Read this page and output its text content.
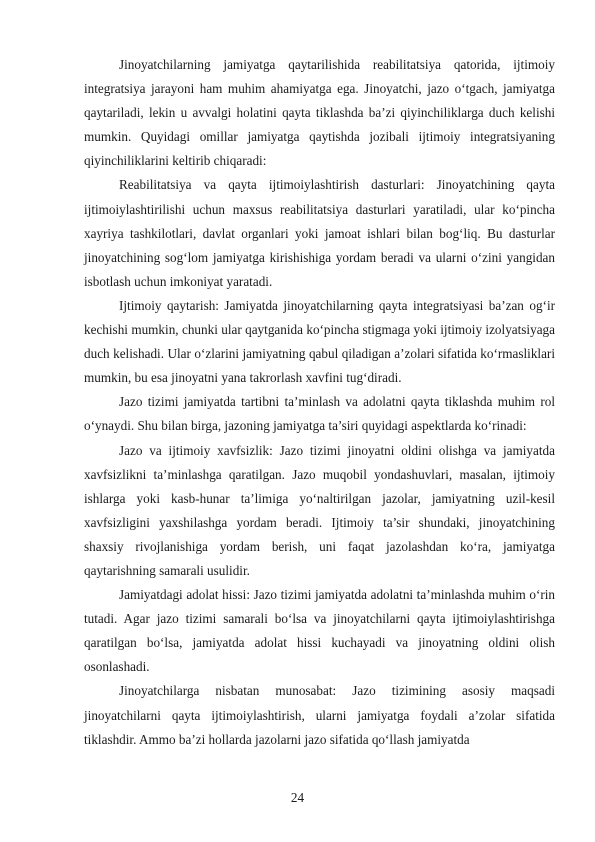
Jinoyatchilarning jamiyatga qaytarilishida reabilitatsiya qatorida, ijtimoiy integratsiya jarayoni ham muhim ahamiyatga ega. Jinoyatchi, jazo o‘tgach, jamiyatga qaytariladi, lekin u avvalgi holatini qayta tiklashda ba’zi qiyinchiliklarga duch kelishi mumkin. Quyidagi omillar jamiyatga qaytishda jozibali ijtimoiy integratsiyaning qiyinchiliklarini keltirib chiqaradi:

Reabilitatsiya va qayta ijtimoiylashtirish dasturlari: Jinoyatchining qayta ijtimoiylashtirilishi uchun maxsus reabilitatsiya dasturlari yaratiladi, ular ko‘pincha xayriya tashkilotlari, davlat organlari yoki jamoat ishlari bilan bog‘liq. Bu dasturlar jinoyatchining sog‘lom jamiyatga kirishishiga yordam beradi va ularni o‘zini yangidan isbotlash uchun imkoniyat yaratadi.

Ijtimoiy qaytarish: Jamiyatda jinoyatchilarning qayta integratsiyasi ba’zan og‘ir kechishi mumkin, chunki ular qaytganida ko‘pincha stigmaga yoki ijtimoiy izolyatsiyaga duch kelishadi. Ular o‘zlarini jamiyatning qabul qiladigan a’zolari sifatida ko‘rmasliklari mumkin, bu esa jinoyatni yana takrorlash xavfini tug‘diradi.

Jazo tizimi jamiyatda tartibni ta’minlash va adolatni qayta tiklashda muhim rol o‘ynaydi. Shu bilan birga, jazoning jamiyatga ta’siri quyidagi aspektlarda ko‘rinadi:

Jazo va ijtimoiy xavfsizlik: Jazo tizimi jinoyatni oldini olishga va jamiyatda xavfsizlikni ta’minlashga qaratilgan. Jazo muqobil yondashuvlari, masalan, ijtimoiy ishlarga yoki kasb-hunar ta’limiga yo‘naltirilgan jazolar, jamiyatning uzil-kesil xavfsizligini yaxshilashga yordam beradi. Ijtimoiy ta’sir shundaki, jinoyatchining shaxsiy rivojlanishiga yordam berish, uni faqat jazolashdan ko‘ra, jamiyatga qaytarishning samarali usulidir.

Jamiyatdagi adolat hissi: Jazo tizimi jamiyatda adolatni ta’minlashda muhim o‘rin tutadi. Agar jazo tizimi samarali bo‘lsa va jinoyatchilarni qayta ijtimoiylashtirishga qaratilgan bo‘lsa, jamiyatda adolat hissi kuchayadi va jinoyatning oldini olish osonlashadi.

Jinoyatchilarga nisbatan munosabat: Jazo tizimining asosiy maqsadi jinoyatchilarni qayta ijtimoiylashtirish, ularni jamiyatga foydali a’zolar sifatida tiklashdir. Ammo ba’zi hollarda jazolarni jazo sifatida qo‘llash jamiyatda

24
